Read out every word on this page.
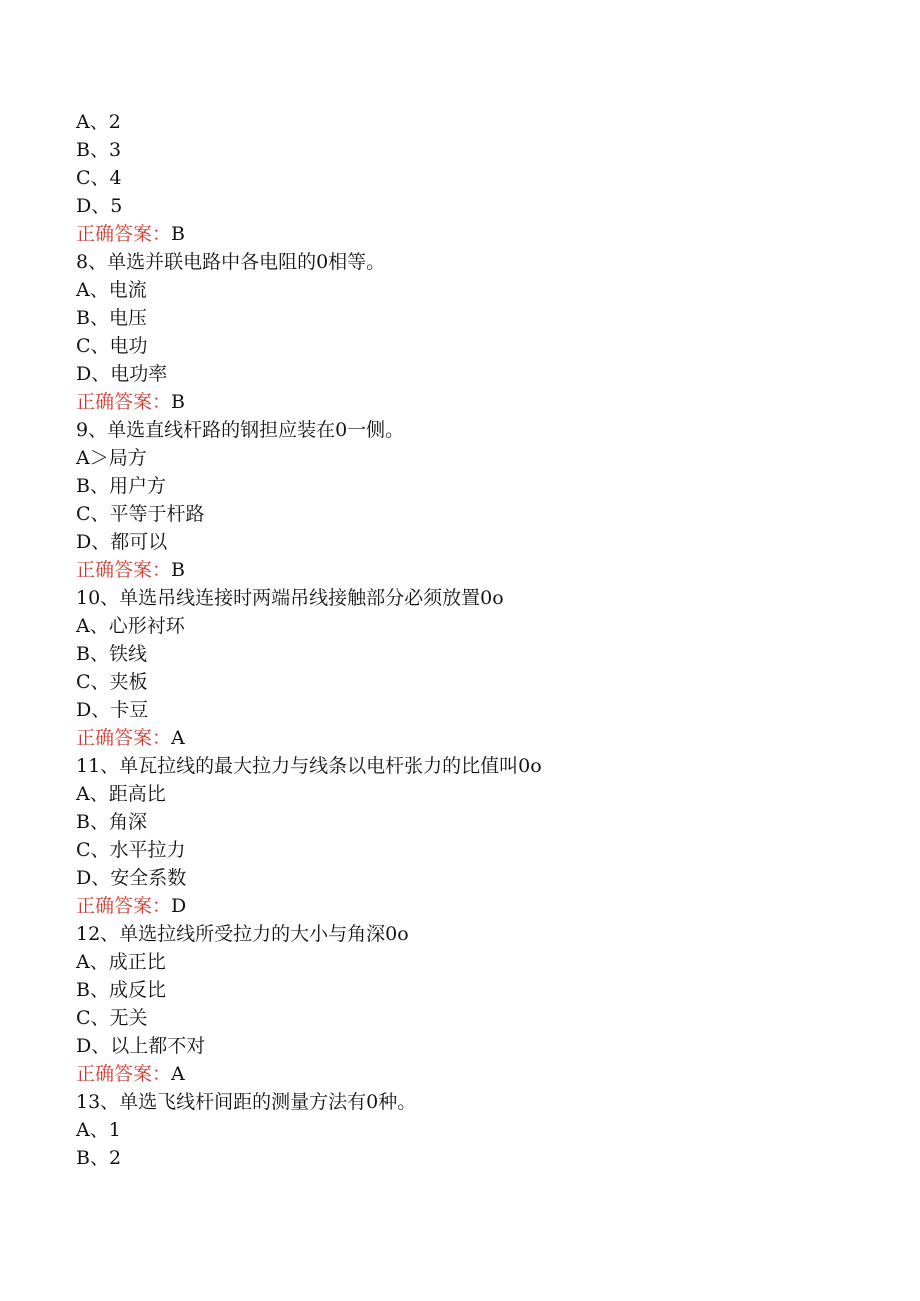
A、2
B、3
C、4
D、5
正确答案：B
8、单选并联电路中各电阻的0相等。
A、电流
B、电压
C、电功
D、电功率
正确答案：B
9、单选直线杆路的钢担应装在0一侧。
A＞局方
B、用户方
C、平等于杆路
D、都可以
正确答案：B
10、单选吊线连接时两端吊线接触部分必须放置0o
A、心形衬环
B、铁线
C、夹板
D、卡豆
正确答案：A
11、单瓦拉线的最大拉力与线条以电杆张力的比值叫0o
A、距高比
B、角深
C、水平拉力
D、安全系数
正确答案：D
12、单选拉线所受拉力的大小与角深0o
A、成正比
B、成反比
C、无关
D、以上都不对
正确答案：A
13、单选飞线杆间距的测量方法有0种。
A、1
B、2
